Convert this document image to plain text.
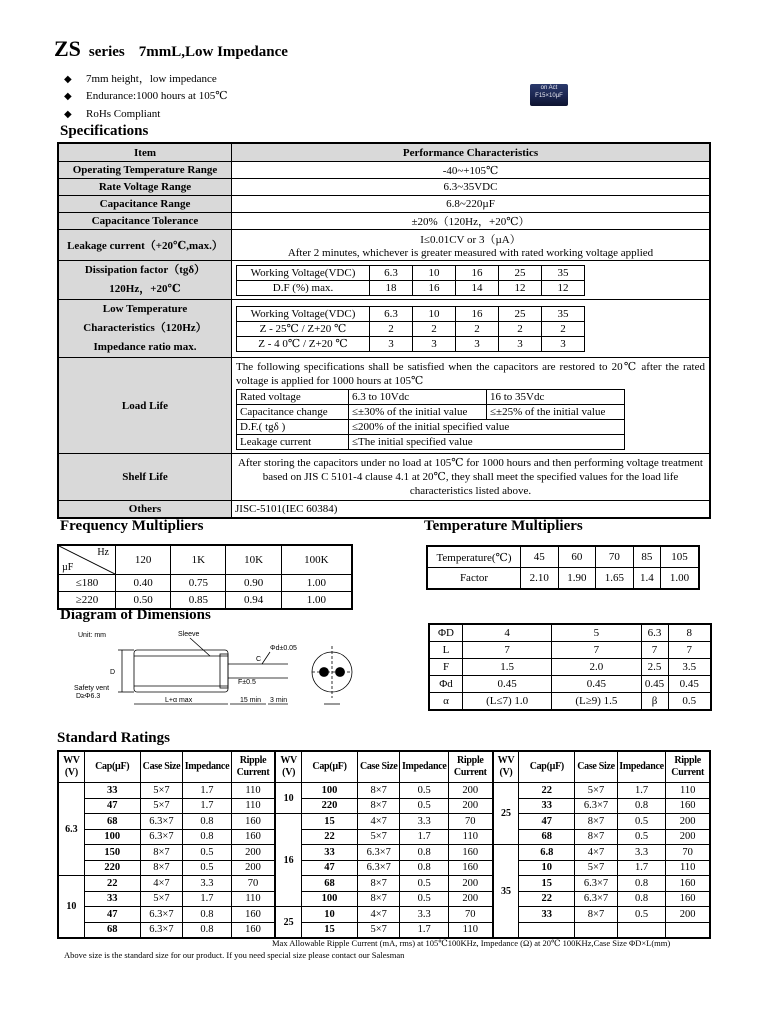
ZS series 7mmL,Low Impedance
◆ 7mm height，low impedance
◆ Endurance:1000 hours at 105℃
◆ RoHs Compliant
on Act
F15×10μF
Specifications
Item	Performance Characteristics
Operating Temperature Range	-40~+105℃
Rate Voltage Range	6.3~35VDC
Capacitance Range	6.8~220µF
Capacitance Tolerance	±20%（120Hz，+20℃）
Leakage current（+20℃,max.）	I≤0.01CV or 3（µA）
After 2 minutes, whichever is greater measured with rated working voltage applied

Dissipation factor（tgδ）
120Hz，+20℃

Working Voltage(VDC)	6.3	10	16	25	35
D.F (%) max.	18	16	14	12	12

Low Temperature
Characteristics（120Hz）
Impedance ratio max.

Working Voltage(VDC)	6.3	10	16	25	35
Z - 25℃ / Z+20 ℃	2	2	2	2	2
Z - 4 0℃ / Z+20 ℃	3	3	3	3	3

Load Life	
The following specifications shall be satisfied when the capacitors are restored to 20℃ after the rated voltage is applied for 1000 hours at 105℃
Rated voltage	6.3 to 10Vdc	16 to 35Vdc
Capacitance change	≤±30% of the initial value	≤±25% of the initial value
D.F.( tgδ )	≤200% of the initial specified value
Leakage current	≤The initial specified value

Shelf Life	After storing the capacitors under no load at 105℃ for 1000 hours and then performing voltage treatment based on JIS C 5101-4 clause 4.1 at 20℃, they shall meet the specified values for the load life characteristics listed above.
Others	JISC-5101(IEC 60384)
Frequency Multipliers
Hz
µF	120	1K	10K	100K
≤180	0.40	0.75	0.90	1.00
≥220	0.50	0.85	0.94	1.00
Temperature Multipliers
Temperature(℃)	45	60	70	85	105
Factor	2.10	1.90	1.65	1.4	1.00
Diagram of Dimensions
Unit: mm	Sleeve
C
Φd±0.05
D
Safety vent
D≥Φ6.3
L+α max	15 min 3 min
F±0.5
ΦD	4	5	6.3	8
L	7	7	7	7
F	1.5	2.0	2.5	3.5
Φd	0.45	0.45	0.45	0.45
α	(L≤7) 1.0	(L≥9) 1.5	β	0.5
Standard Ratings
WV (V)	Cap(µF)	Case Size	Impedance	Ripple Current	WV (V)	Cap(µF)	Case Size	Impedance	Ripple Current	WV (V)	Cap(µF)	Case Size	Impedance	Ripple Current
6.3	33	5×7	1.7	110	10	100	8×7	0.5	200	25	22	5×7	1.7	110
	47	5×7	1.7	110		220	8×7	0.5	200		33	6.3×7	0.8	160
	68	6.3×7	0.8	160	16	15	4×7	3.3	70		47	8×7	0.5	200
	100	6.3×7	0.8	160		22	5×7	1.7	110		68	8×7	0.5	200
	150	8×7	0.5	200		33	6.3×7	0.8	160	35	6.8	4×7	3.3	70
	220	8×7	0.5	200		47	6.3×7	0.8	160		10	5×7	1.7	110
10	22	4×7	3.3	70		68	8×7	0.5	200		15	6.3×7	0.8	160
	33	5×7	1.7	110		100	8×7	0.5	200		22	6.3×7	0.8	160
	47	6.3×7	0.8	160	25	10	4×7	3.3	70		33	8×7	0.5	200
	68	6.3×7	0.8	160		15	5×7	1.7	110					
Max Allowable Ripple Current (mA, rms) at 105℃100KHz, Impedance (Ω) at 20℃ 100KHz,Case Size ΦD×L(mm)
Above size is the standard size for our product. If you need special size please contact our Salesman
